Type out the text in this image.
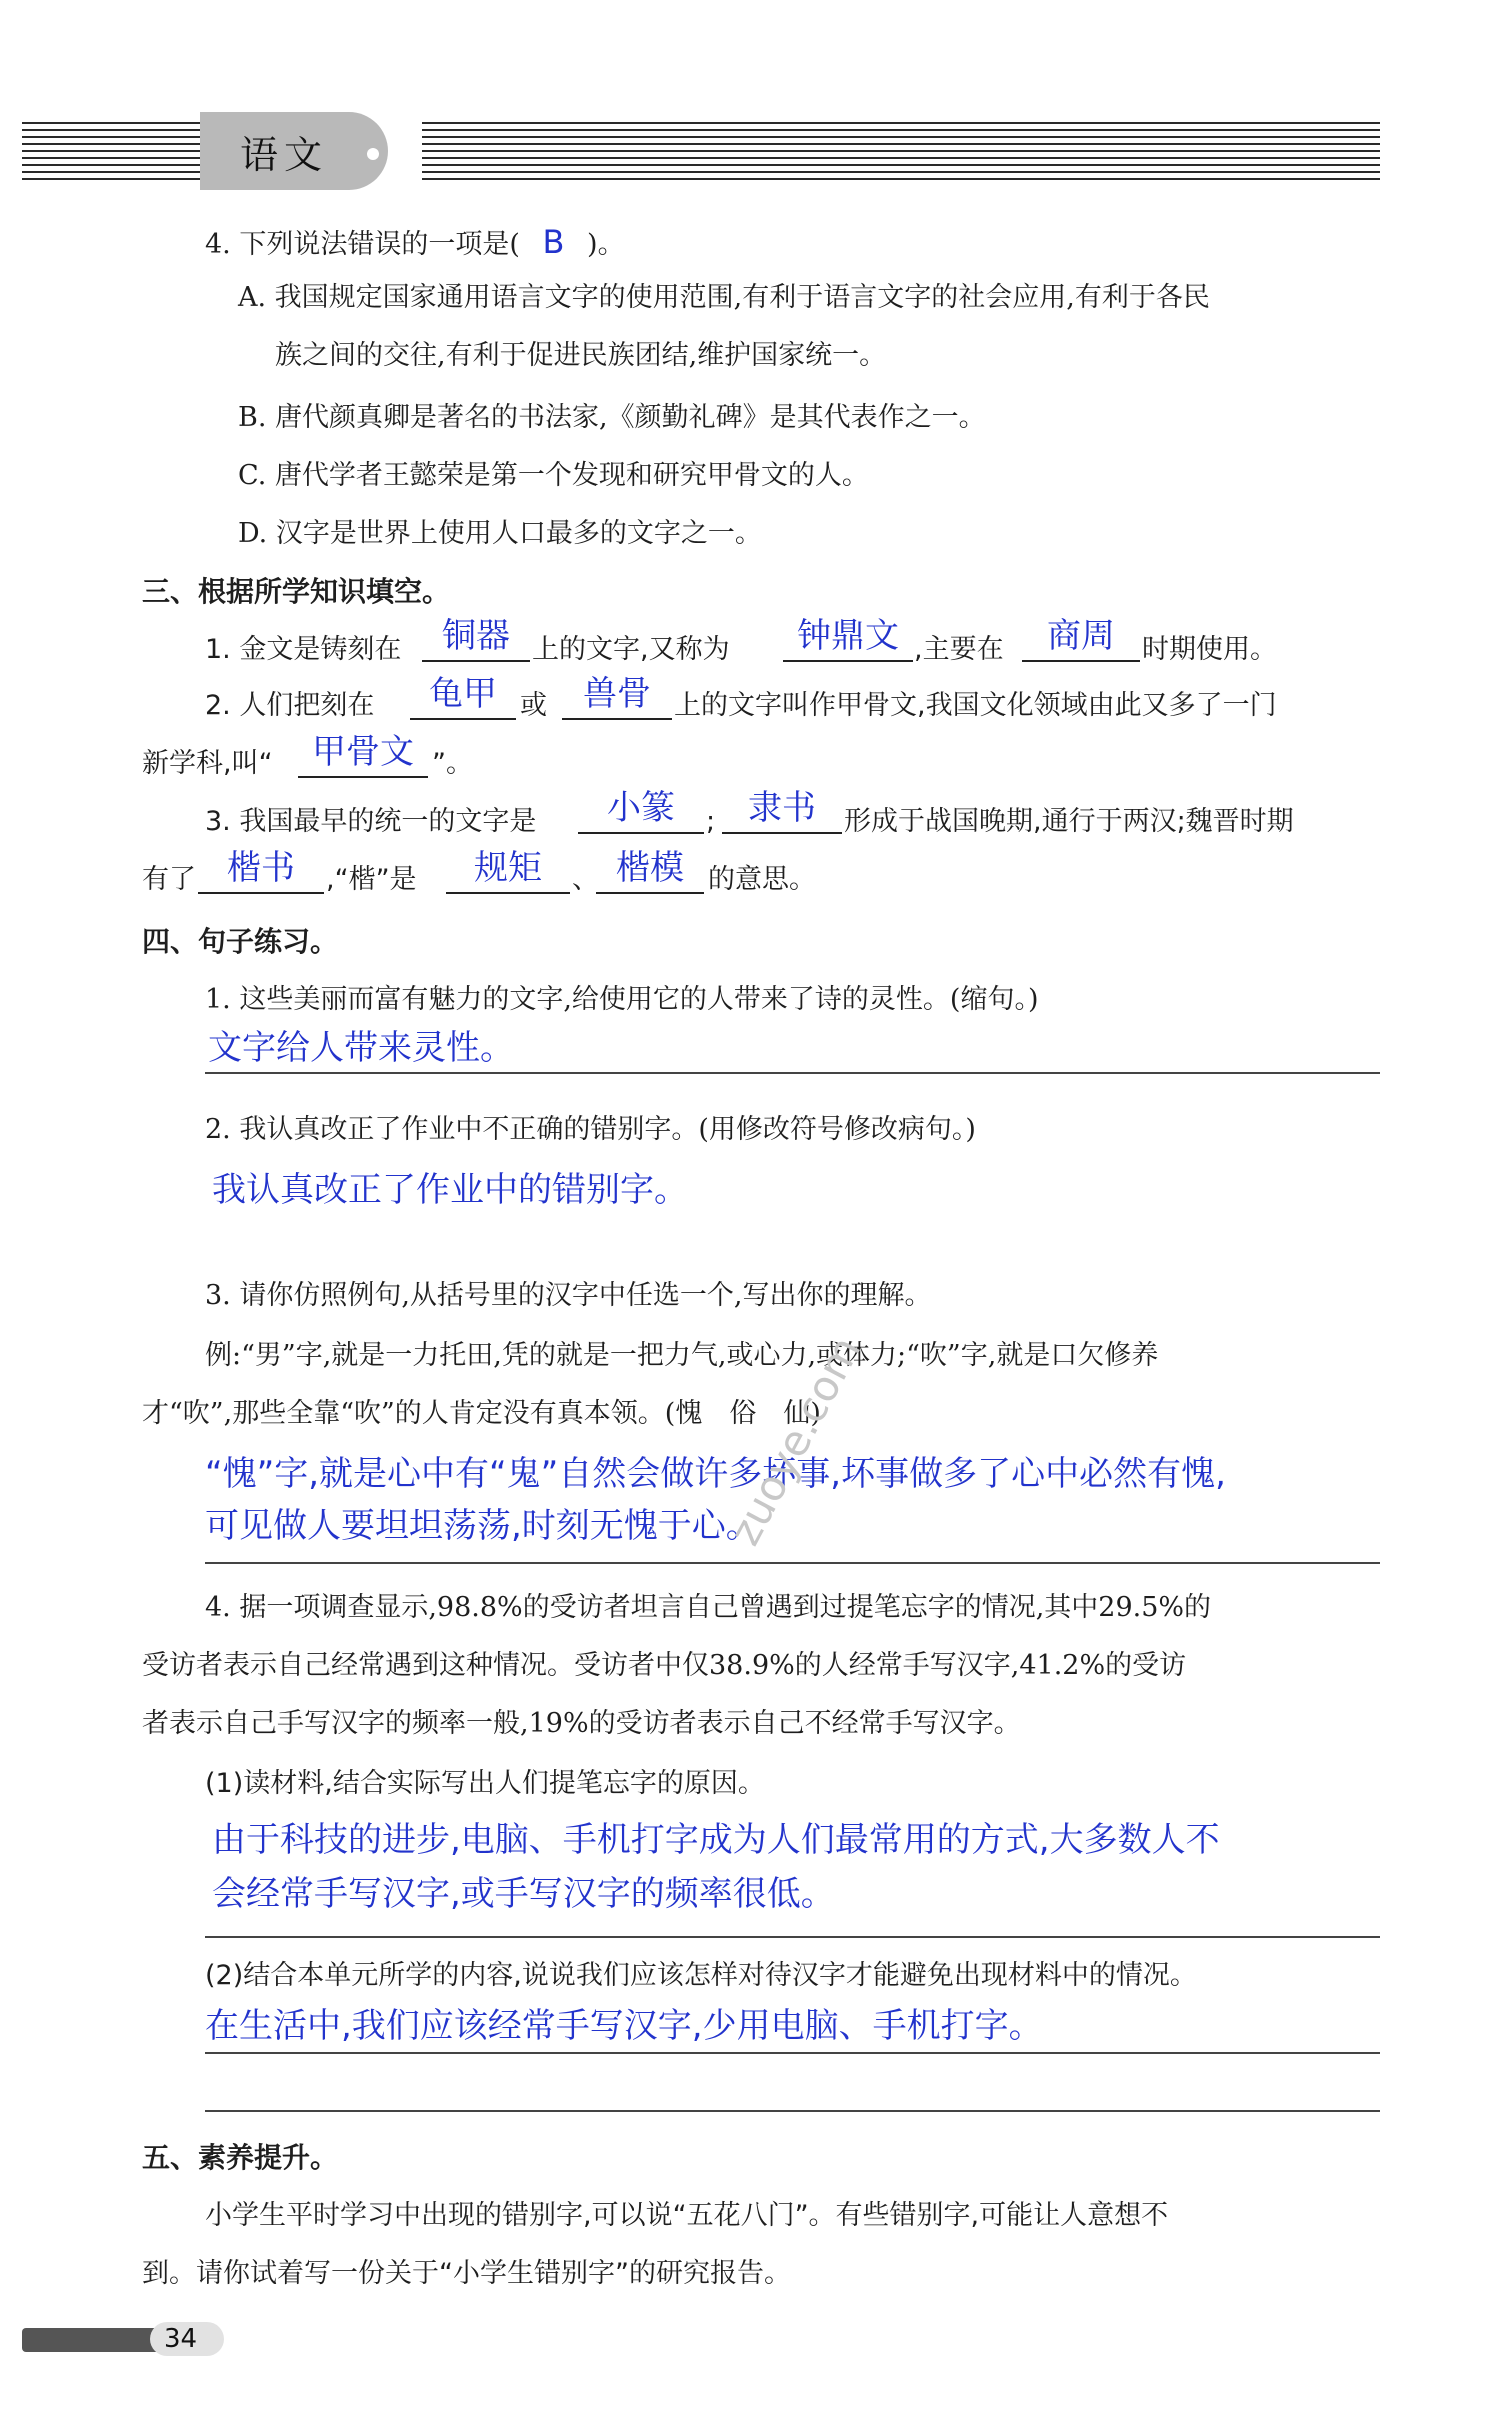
语文
4. 下列说法错误的一项是( B )。
A. 我国规定国家通用语言文字的使用范围,有利于语言文字的社会应用,有利于各民
族之间的交往,有利于促进民族团结,维护国家统一。
B. 唐代颜真卿是著名的书法家,《颜勤礼碑》是其代表作之一。
C. 唐代学者王懿荣是第一个发现和研究甲骨文的人。
D. 汉字是世界上使用人口最多的文字之一。
三、根据所学知识填空。
1. 金文是铸刻在	铜器 上的文字,又称为	钟鼎文 ,主要在	商周	时期使用。
2. 人们把刻在	龟甲 或	兽骨 上的文字叫作甲骨文,我国文化领域由此又多了一门
新学科,叫“	甲骨文 ”。
3. 我国最早的统一的文字是	小篆	; 隶书	形成于战国晚期,通行于两汉;魏晋时期
有了 楷书	,“楷”是	规矩	、 楷模 的意思。
四、句子练习。
1. 这些美丽而富有魅力的文字,给使用它的人带来了诗的灵性。(缩句。)
文字给人带来灵性。
2. 我认真改正了作业中不正确的错别字。(用修改符号修改病句。)
我认真改正了作业中的错别字。
3. 请你仿照例句,从括号里的汉字中任选一个,写出你的理解。
例:“男”字,就是一力托田,凭的就是一把力气,或心力,或体力;“吹”字,就是口欠修养
才“吹”,那些全靠“吹”的人肯定没有真本领。(愧　俗　仙)
“愧”字,就是心中有“鬼”自然会做许多坏事,坏事做多了心中必然有愧,
可见做人要坦坦荡荡,时刻无愧于心。
4. 据一项调查显示,98.8%的受访者坦言自己曾遇到过提笔忘字的情况,其中29.5%的
受访者表示自己经常遇到这种情况。受访者中仅38.9%的人经常手写汉字,41.2%的受访
者表示自己手写汉字的频率一般,19%的受访者表示自己不经常手写汉字。
(1)读材料,结合实际写出人们提笔忘字的原因。
由于科技的进步,电脑、手机打字成为人们最常用的方式,大多数人不
会经常手写汉字,或手写汉字的频率很低。
(2)结合本单元所学的内容,说说我们应该怎样对待汉字才能避免出现材料中的情况。
在生活中,我们应该经常手写汉字,少用电脑、手机打字。
五、素养提升。
小学生平时学习中出现的错别字,可以说“五花八门”。有些错别字,可能让人意想不
到。请你试着写一份关于“小学生错别字”的研究报告。
zuoye.com
34
